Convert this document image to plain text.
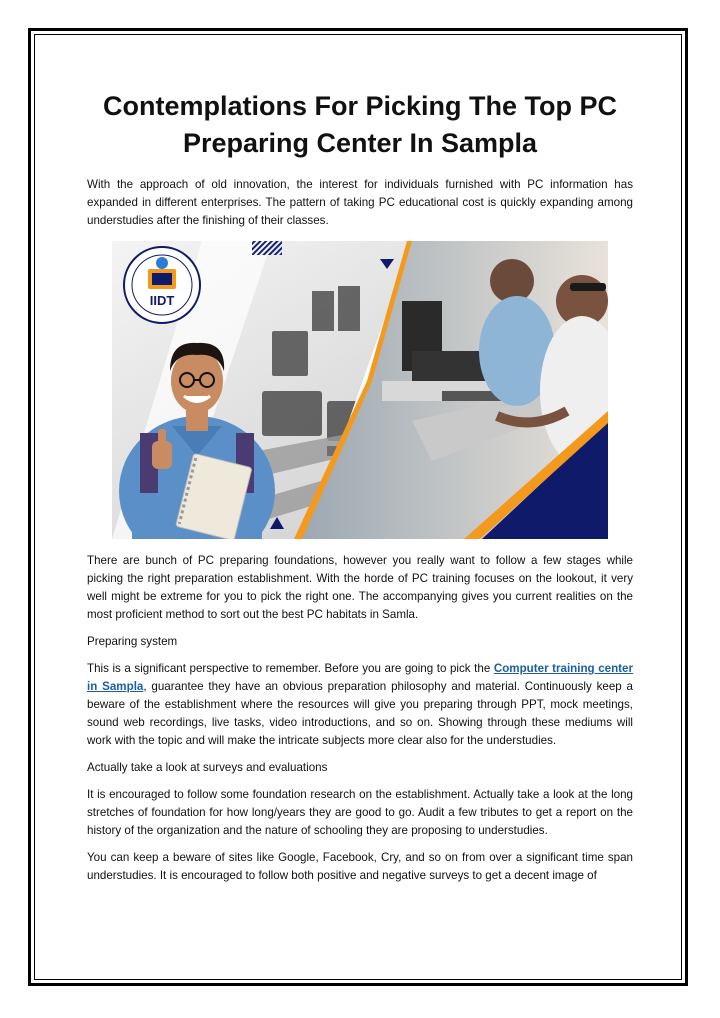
Contemplations For Picking The Top PC Preparing Center In Sampla

With the approach of old innovation, the interest for individuals furnished with PC information has expanded in different enterprises. The pattern of taking PC educational cost is quickly expanding among understudies after the finishing of their classes.

IIDT

There are bunch of PC preparing foundations, however you really want to follow a few stages while picking the right preparation establishment. With the horde of PC training focuses on the lookout, it very well might be extreme for you to pick the right one. The accompanying gives you current realities on the most proficient method to sort out the best PC habitats in Samla.

Preparing system

This is a significant perspective to remember. Before you are going to pick the Computer training center in Sampla, guarantee they have an obvious preparation philosophy and material. Continuously keep a beware of the establishment where the resources will give you preparing through PPT, mock meetings, sound web recordings, live tasks, video introductions, and so on. Showing through these mediums will work with the topic and will make the intricate subjects more clear also for the understudies.

Actually take a look at surveys and evaluations

It is encouraged to follow some foundation research on the establishment. Actually take a look at the long stretches of foundation for how long/years they are good to go. Audit a few tributes to get a report on the history of the organization and the nature of schooling they are proposing to understudies.

You can keep a beware of sites like Google, Facebook, Cry, and so on from over a significant time span understudies. It is encouraged to follow both positive and negative surveys to get a decent image of
